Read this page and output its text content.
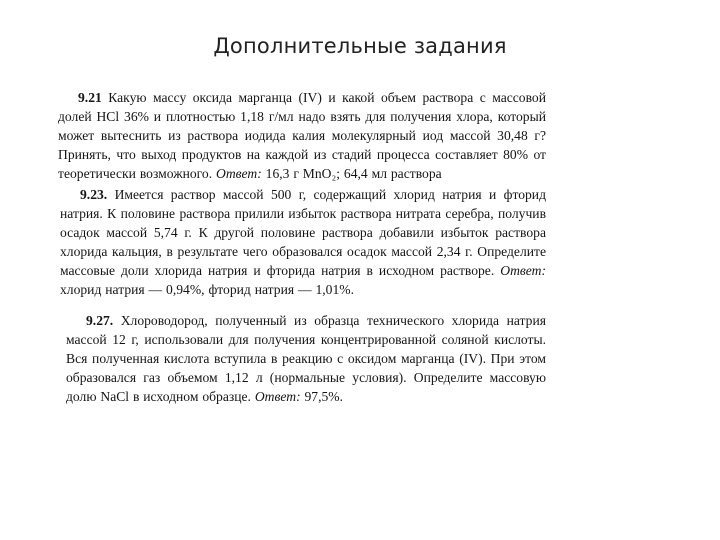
Дополнительные задания

9.21 Какую массу оксида марганца (IV) и какой объем раствора с массовой долей HCl 36% и плотностью 1,18 г/мл надо взять для получения хлора, который может вытеснить из раствора иодида калия молекулярный иод массой 30,48 г? Принять, что выход продуктов на каждой из стадий процесса составляет 80% от теоретически возможного. Ответ: 16,3 г MnO₂; 64,4 мл раствора

9.23. Имеется раствор массой 500 г, содержащий хлорид натрия и фторид натрия. К половине раствора прилили избыток раствора нитрата серебра, получив осадок массой 5,74 г. К другой половине раствора добавили избыток раствора хлорида кальция, в результате чего образовался осадок массой 2,34 г. Определите массовые доли хлорида натрия и фторида натрия в исходном растворе. Ответ: хлорид натрия — 0,94%, фторид натрия — 1,01%.

9.27. Хлороводород, полученный из образца технического хлорида натрия массой 12 г, использовали для получения концентрированной соляной кислоты. Вся полученная кислота вступила в реакцию с оксидом марганца (IV). При этом образовался газ объемом 1,12 л (нормальные условия). Определите массовую долю NaCl в исходном образце. Ответ: 97,5%.
